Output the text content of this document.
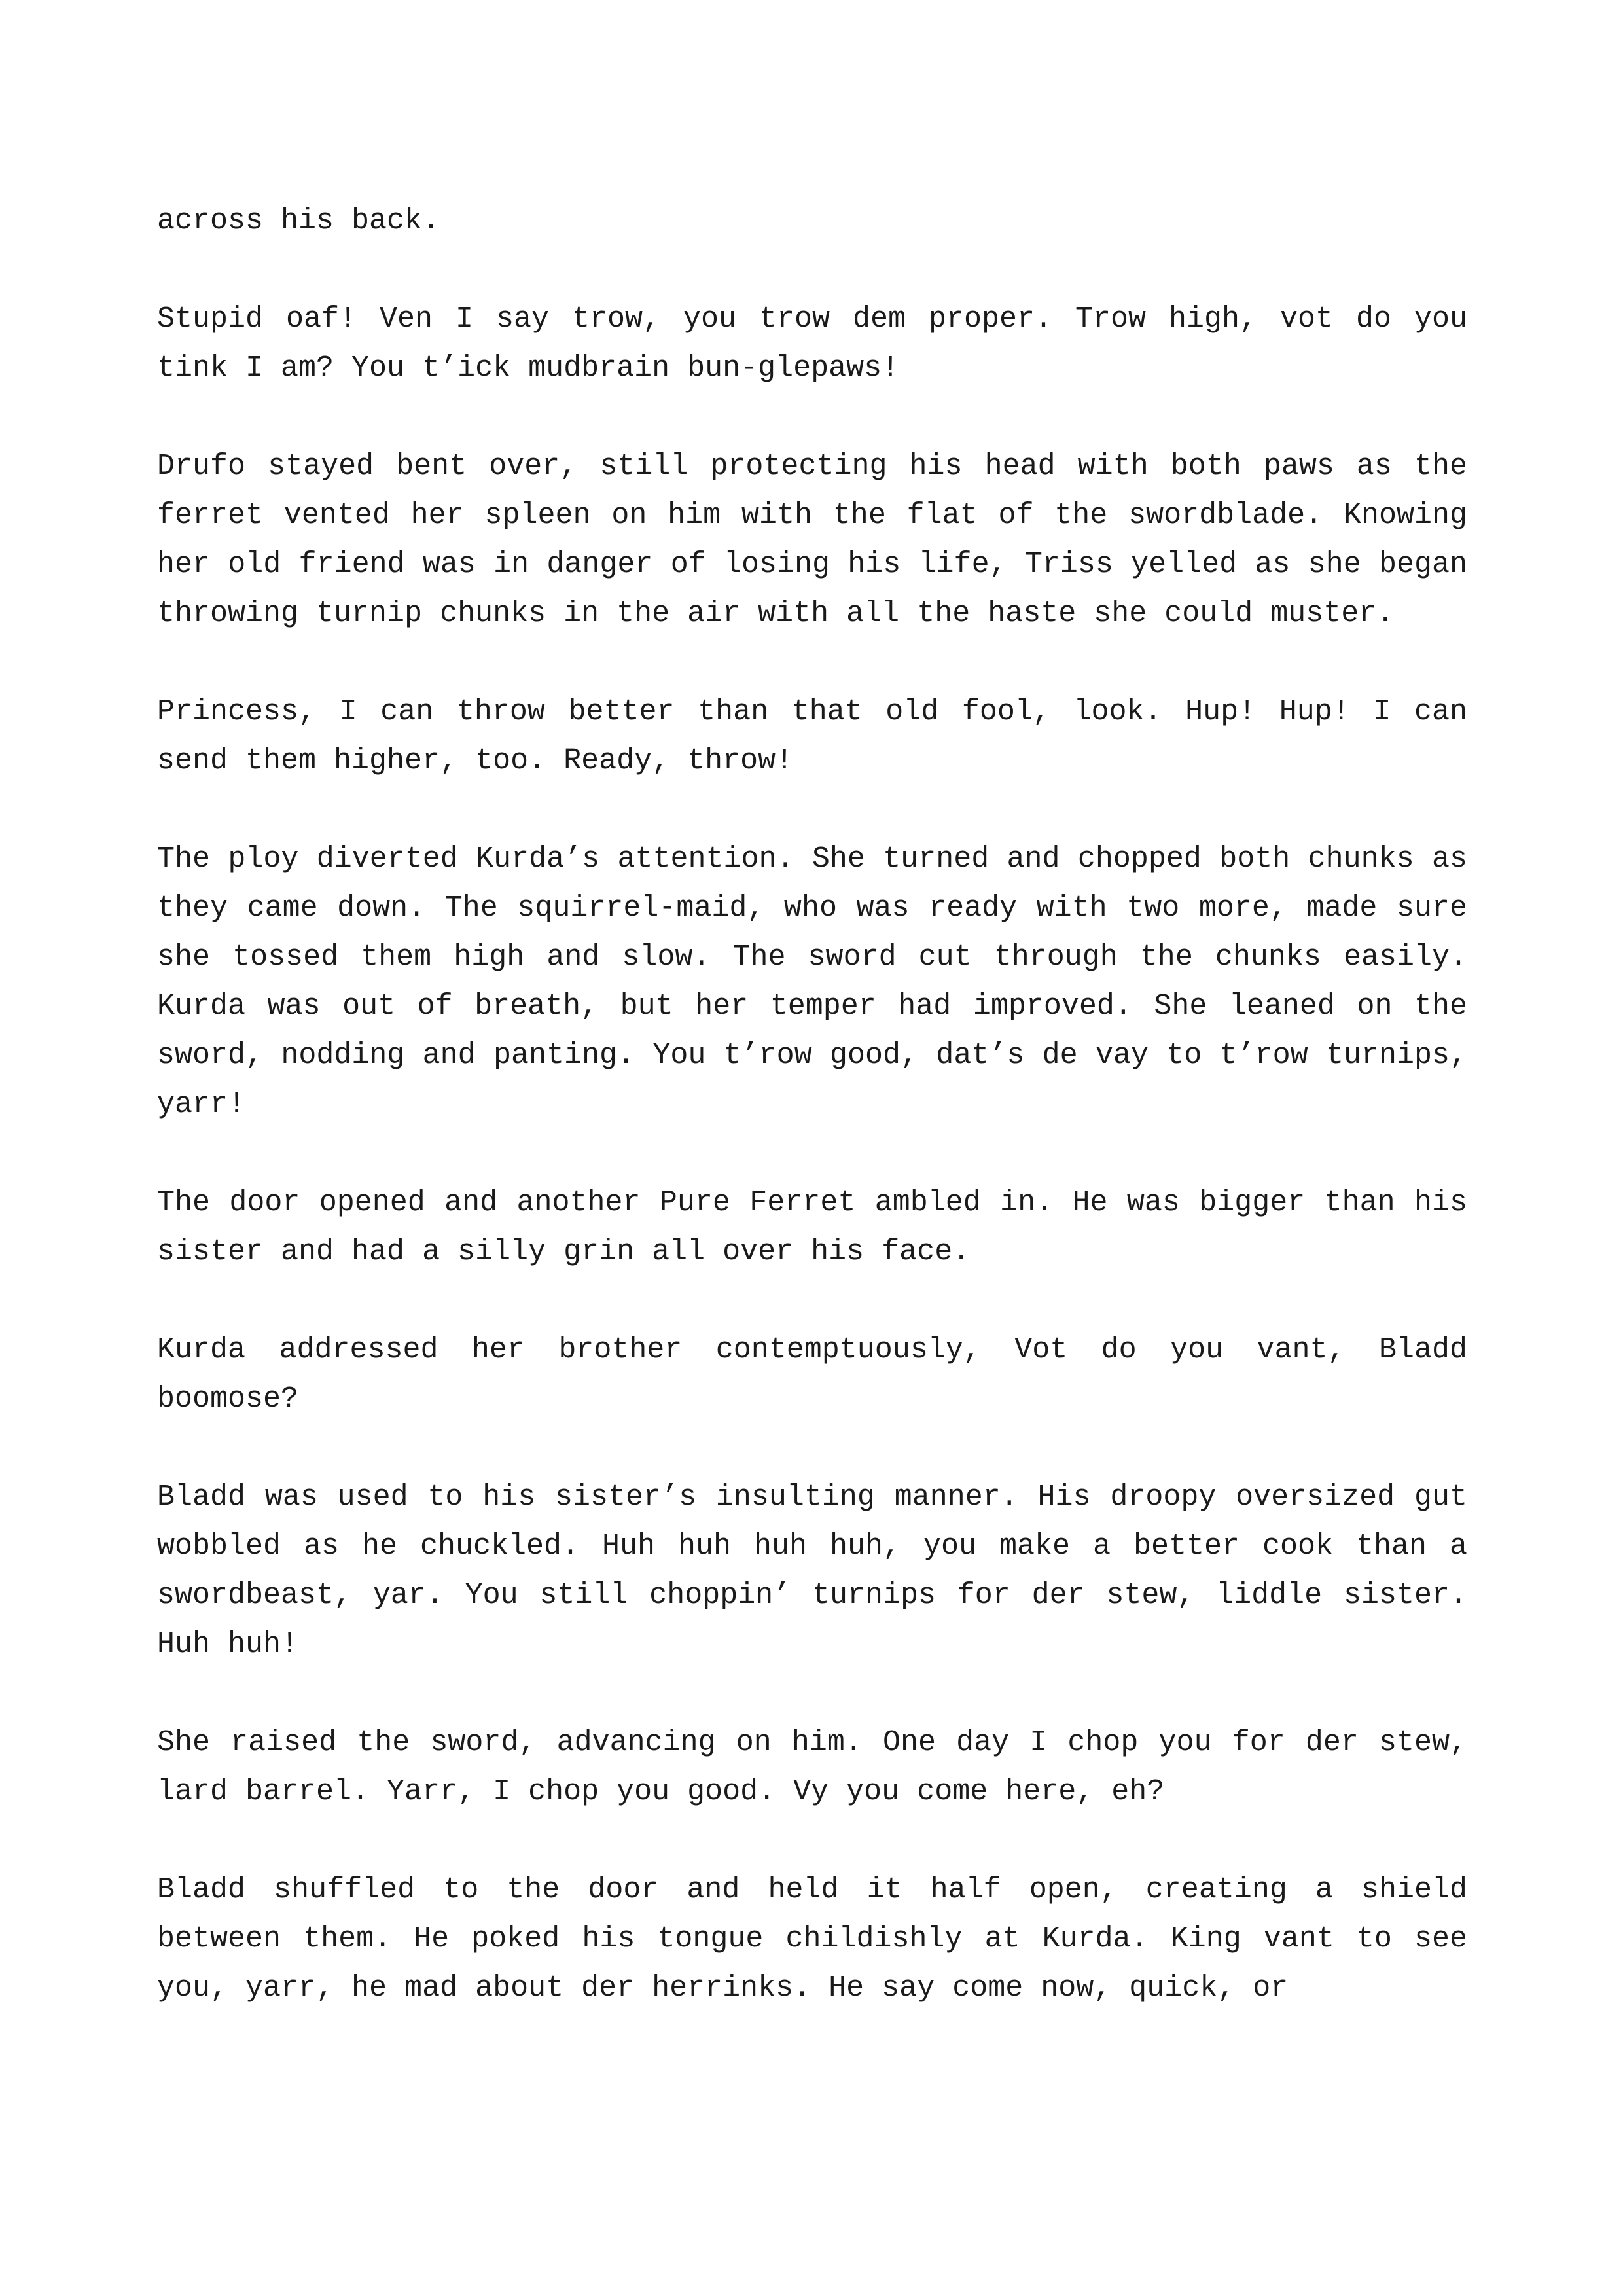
across his back.

Stupid oaf! Ven I say trow, you trow dem proper. Trow high, vot do you tink I am? You t’ick mudbrain bun-glepaws!

Drufo stayed bent over, still protecting his head with both paws as the ferret vented her spleen on him with the flat of the swordblade. Knowing her old friend was in danger of losing his life, Triss yelled as she began throwing turnip chunks in the air with all the haste she could muster.

Princess, I can throw better than that old fool, look. Hup! Hup! I can send them higher, too. Ready, throw!

The ploy diverted Kurda’s attention. She turned and chopped both chunks as they came down. The squirrel-maid, who was ready with two more, made sure she tossed them high and slow. The sword cut through the chunks easily. Kurda was out of breath, but her temper had improved. She leaned on the sword, nodding and panting. You t’row good, dat’s de vay to t’row turnips, yarr!

The door opened and another Pure Ferret ambled in. He was bigger than his sister and had a silly grin all over his face.

Kurda addressed her brother contemptuously, Vot do you vant, Bladd boomose?

Bladd was used to his sister’s insulting manner. His droopy oversized gut wobbled as he chuckled. Huh huh huh huh, you make a better cook than a swordbeast, yar. You still choppin’ turnips for der stew, liddle sister. Huh huh!

She raised the sword, advancing on him. One day I chop you for der stew, lard barrel. Yarr, I chop you good. Vy you come here, eh?

Bladd shuffled to the door and held it half open, creating a shield between them. He poked his tongue childishly at Kurda. King vant to see you, yarr, he mad about der herrinks. He say come now, quick, or
